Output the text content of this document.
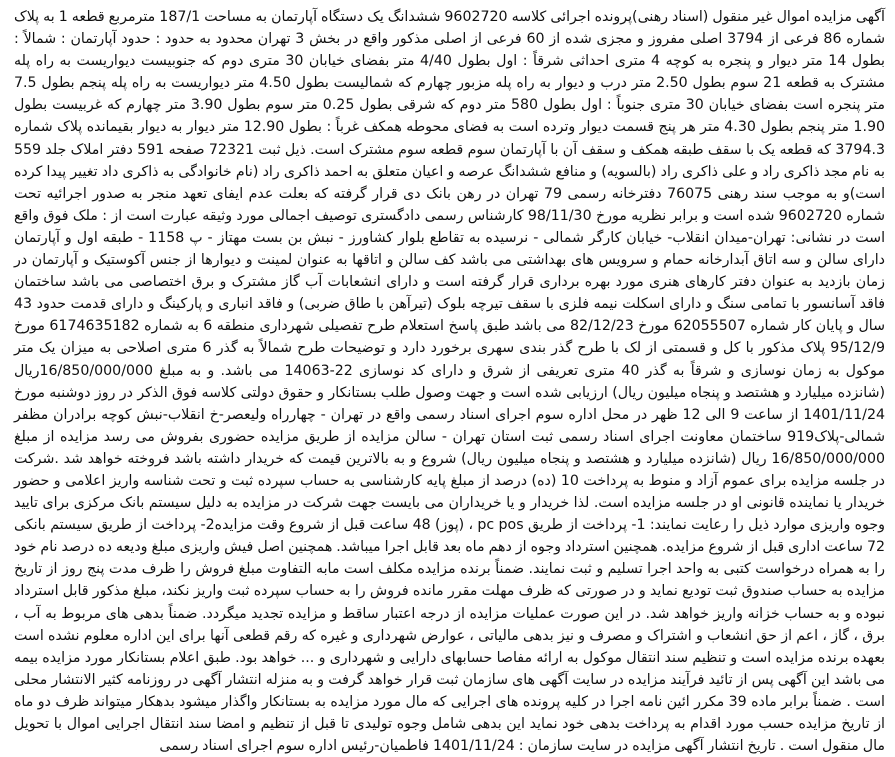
آگهی مزایده اموال غیر منقول (اسناد رهنی)پرونده اجرائی کلاسه 9602720 ششدانگ یک دستگاه آپارتمان به مساحت 187/1 مترمربع قطعه 1 به پلاک شماره 86 فرعی از 3794 اصلی مفروز و مجزی شده از 60 فرعی از اصلی مذکور واقع در بخش 3 تهران محدود به حدود : حدود آپارتمان : شمالاً : بطول 14 متر دیوار و پنجره به کوچه 4 متری احداثی شرقاً : اول بطول 4/40 متر بفضای خیابان 30 متری دوم که جنوبیست دیواریست به راه پله مشترک به قطعه 21 سوم بطول 2.50 متر درب و دیوار به راه پله مزبور چهارم که شمالیست بطول 4.50 متر دیواریست به راه پله پنجم بطول 7.5 متر پنجره است بفضای خیابان 30 متری جنوباً : اول بطول 580 متر دوم که شرقی بطول 0.25 متر سوم بطول 3.90 متر چهارم که غربیست بطول 1.90 متر پنجم بطول 4.30 متر هر پنج قسمت دیوار وترده است به فضای محوطه همکف غرباً : بطول 12.90 متر دیوار به دیوار بقیمانده پلاک شماره 3794.3 که قطعه یک با سقف طبقه همکف و سقف آن با آپارتمان سوم قطعه سوم مشترک است. ذیل ثبت 72321 صفحه 591 دفتر املاک جلد 559 به نام مجد ذاکری راد و علی ذاکری راد (بالسویه) و منافع ششدانگ عرصه و اعیان متعلق به احمد ذاکری راد (نام خانوادگی به ذاکری داد تغییر پیدا کرده است)و به موجب سند رهنی 76075 دفترخانه رسمی 79 تهران در رهن بانک دی قرار گرفته که بعلت عدم ایفای تعهد منجر به صدور اجرائیه تحت شماره 9602720 شده است و برابر نظریه مورخ 98/11/30 کارشناس رسمی دادگستری توصیف اجمالی مورد وثیقه عبارت است از : ملک فوق واقع است در نشانی: تهران-میدان انقلاب- خیابان کارگر شمالی - نرسیده به تقاطع بلوار کشاورز - نبش بن بست مهتاز - پ 1158 - طبقه اول و آپارتمان دارای سالن و سه اتاق آبدارخانه حمام و سرویس های بهداشتی می باشد کف سالن و اتاقها به عنوان لمینت و دیوارها از جنس آکوستیک و آپارتمان در زمان بازدید به عنوان دفتر کارهای هنری مورد بهره برداری قرار گرفته است و دارای انشعابات آب گاز مشترک و برق اختصاصی می باشد ساختمان فاقد آسانسور با تمامی سنگ و دارای اسکلت نیمه فلزی با سقف تیرچه بلوک (تیرآهن با طاق ضربی) و فاقد انباری و پارکینگ و دارای قدمت حدود 43 سال و پایان کار شماره 62055507 مورخ 82/12/23 می باشد طبق پاسخ استعلام طرح تفصیلی شهرداری منطقه 6 به شماره 6174635182 مورخ 95/12/9 پلاک مذکور با کل و قسمتی از لک با طرح گذر بندی سهری برخورد دارد و توضیحات طرح شمالاً به گذر 6 متری اصلاحی به میزان یک متر موکول به زمان نوسازی و شرقاً به گذر 40 متری تعریفی از شرق و دارای کد نوسازی 22-14063 می باشد. و به مبلغ 16/850/000/000ریال (شانزده میلیارد و هشتصد و پنجاه میلیون ریال) ارزیابی شده است و جهت وصول طلب بستانکار و حقوق دولتی کلاسه فوق الذکر در روز دوشنبه مورخ 1401/11/24 از ساعت 9 الی 12 ظهر در محل اداره سوم اجرای اسناد رسمی واقع در تهران - چهارراه ولیعصر-خ انقلاب-نبش کوچه برادران مظفر شمالی-پلاک919 ساختمان معاونت اجرای اسناد رسمی ثبت استان تهران - سالن مزایده از طریق مزایده حضوری بفروش می رسد مزایده از مبلغ 16/850/000/000 ریال (شانزده میلیارد و هشتصد و پنجاه میلیون ریال) شروع و به بالاترین قیمت که خریدار داشته باشد فروخته خواهد شد .شرکت در جلسه مزایده برای عموم آزاد و منوط به پرداخت 10 (ده) درصد از مبلغ پایه کارشناسی به حساب سپرده ثبت و تحت شناسه واریز اعلامی و حضور خریدار یا نماینده قانونی او در جلسه مزایده است. لذا خریدار و یا خریداران می بایست جهت شرکت در مزایده به دلیل سیستم بانک مرکزی برای تایید وجوه واریزی موارد ذیل را رعایت نمایند: 1- پرداخت از طریق pc pos ، (پوز) 48 ساعت قبل از شروع وقت مزایده2- پرداخت از طریق سیستم بانکی 72 ساعت اداری قبل از شروع مزایده. همچنین استرداد وجوه از دهم ماه بعد قابل اجرا میباشد. همچنین اصل فیش واریزی مبلغ ودیعه ده درصد نام خود را به همراه درخواست کتبی به واحد اجرا تسلیم و ثبت نمایند. ضمناً برنده مزایده مکلف است مابه التفاوت مبلغ فروش را ظرف مدت پنج روز از تاریخ مزایده به حساب صندوق ثبت تودیع نماید و در صورتی که ظرف مهلت مقرر مانده فروش را به حساب سپرده ثبت واریز نکند، مبلغ مذکور قابل استرداد نبوده و به حساب خزانه واریز خواهد شد. در این صورت عملیات مزایده از درجه اعتبار ساقط و مزایده تجدید میگردد. ضمناً بدهی های مربوط به آب ، برق ، گاز ، اعم از حق انشعاب و اشتراک و مصرف و نیز بدهی مالیاتی ، عوارض شهرداری و غیره که رقم قطعی آنها برای این اداره معلوم نشده است بعهده برنده مزایده است و تنظیم سند انتقال موکول به ارائه مفاصا حسابهای دارایی و شهرداری و ... خواهد بود. طبق اعلام بستانکار مورد مزایده بیمه می باشد این آگهی پس از تائید فرآیند مزایده در سایت آگهی های سازمان ثبت قرار خواهد گرفت و به منزله انتشار آگهی در روزنامه کثیر الانتشار محلی است . ضمناً برابر ماده 39 مکرر ائین نامه اجرا در کلیه پرونده های اجرایی که مال مورد مزایده به بستانکار واگذار میشود بدهکار میتواند ظرف دو ماه از تاریخ مزایده حسب مورد اقدام به پرداخت بدهی خود نماید این بدهی شامل وجوه تولیدی تا قبل از تنظیم و امضا سند انتقال اجرایی اموال با تحویل مال منقول است . تاریخ انتشار آگهی مزایده در سایت سازمان : 1401/11/24 فاطمیان-رئیس اداره سوم اجرای اسناد رسمی
